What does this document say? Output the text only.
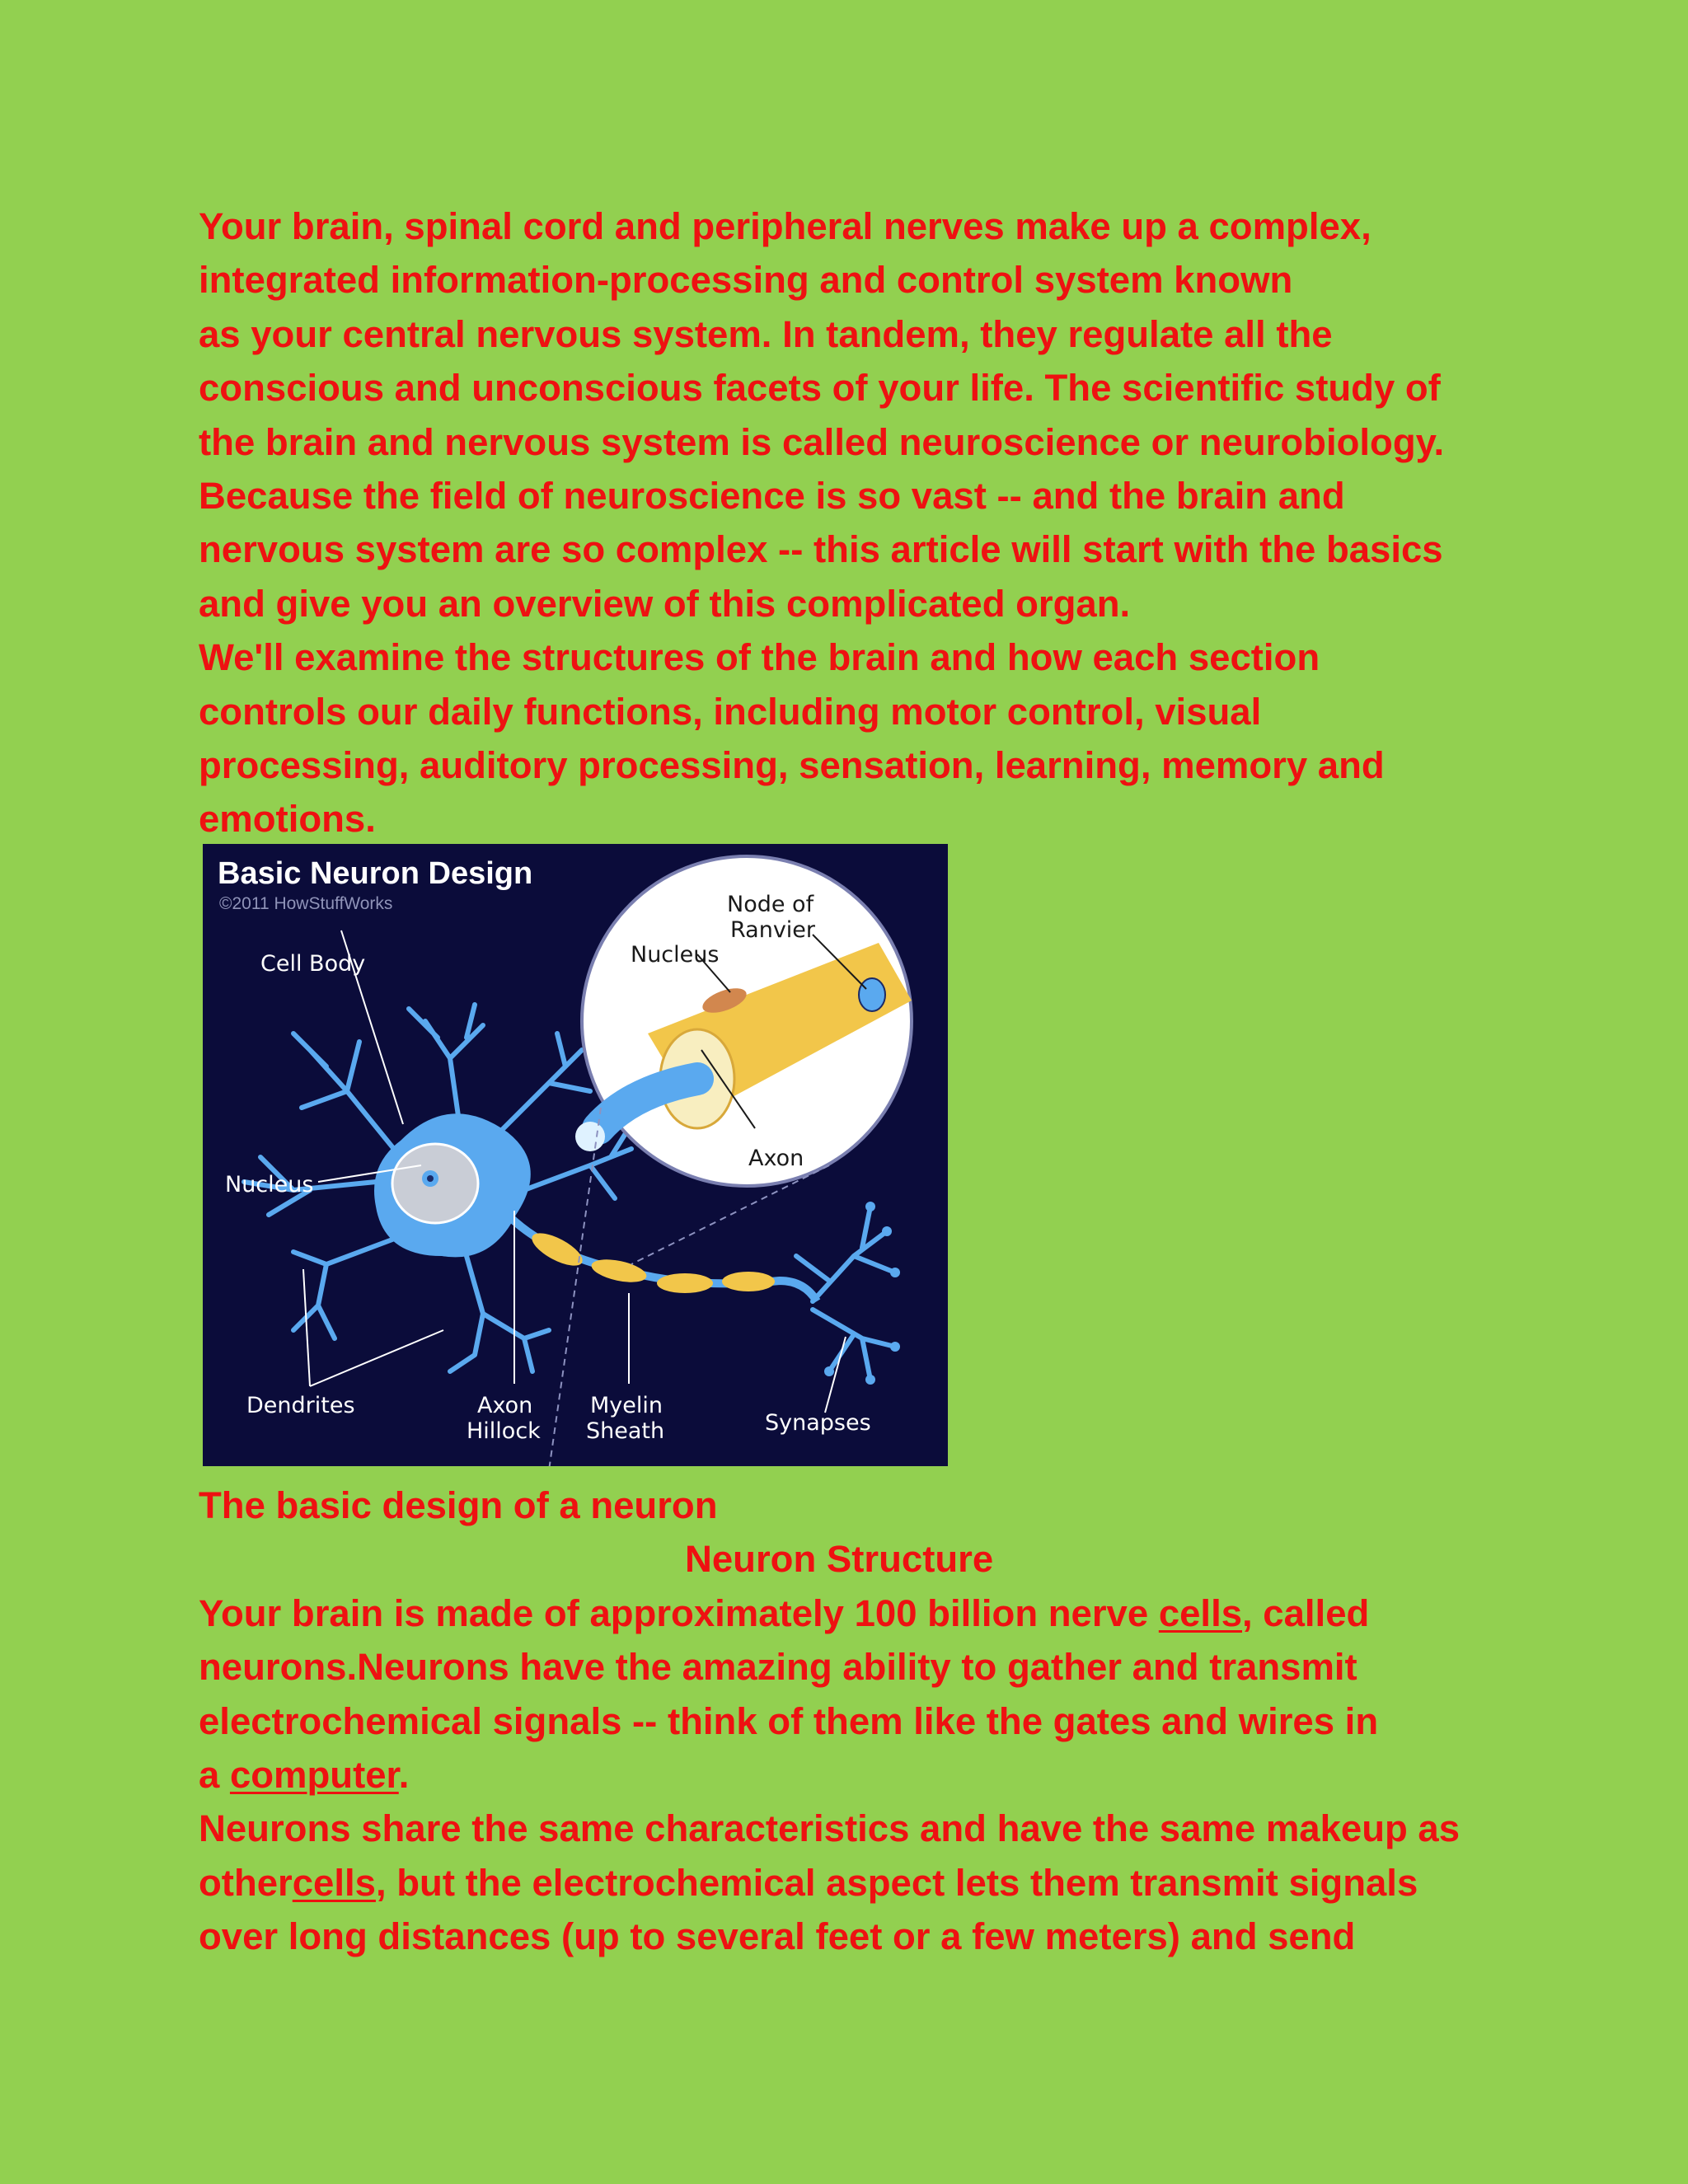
Your brain, spinal cord and peripheral nerves make up a complex,
integrated information-processing and control system known
as your central nervous system. In tandem, they regulate all the
conscious and unconscious facets of your life. The scientific study of
the brain and nervous system is called neuroscience or neurobiology.
Because the field of neuroscience is so vast -- and the brain and
nervous system are so complex -- this article will start with the basics
and give you an overview of this complicated organ.
We'll examine the structures of the brain and how each section
controls our daily functions, including motor control, visual
processing, auditory processing, sensation, learning, memory and
emotions.
Basic Neuron Design
©2011 HowStuffWorks
Cell Body
Nucleus
Dendrites	Axon
Hillock
Myelin
Sheath	Synapses
Node of
Ranvier
Nucleus
Axon
The basic design of a neuron
Neuron Structure
Your brain is made of approximately 100 billion nerve cells, called
neurons.Neurons have the amazing ability to gather and transmit
electrochemical signals -- think of them like the gates and wires in
a computer.
Neurons share the same characteristics and have the same makeup as
othercells, but the electrochemical aspect lets them transmit signals
over long distances (up to several feet or a few meters) and send
